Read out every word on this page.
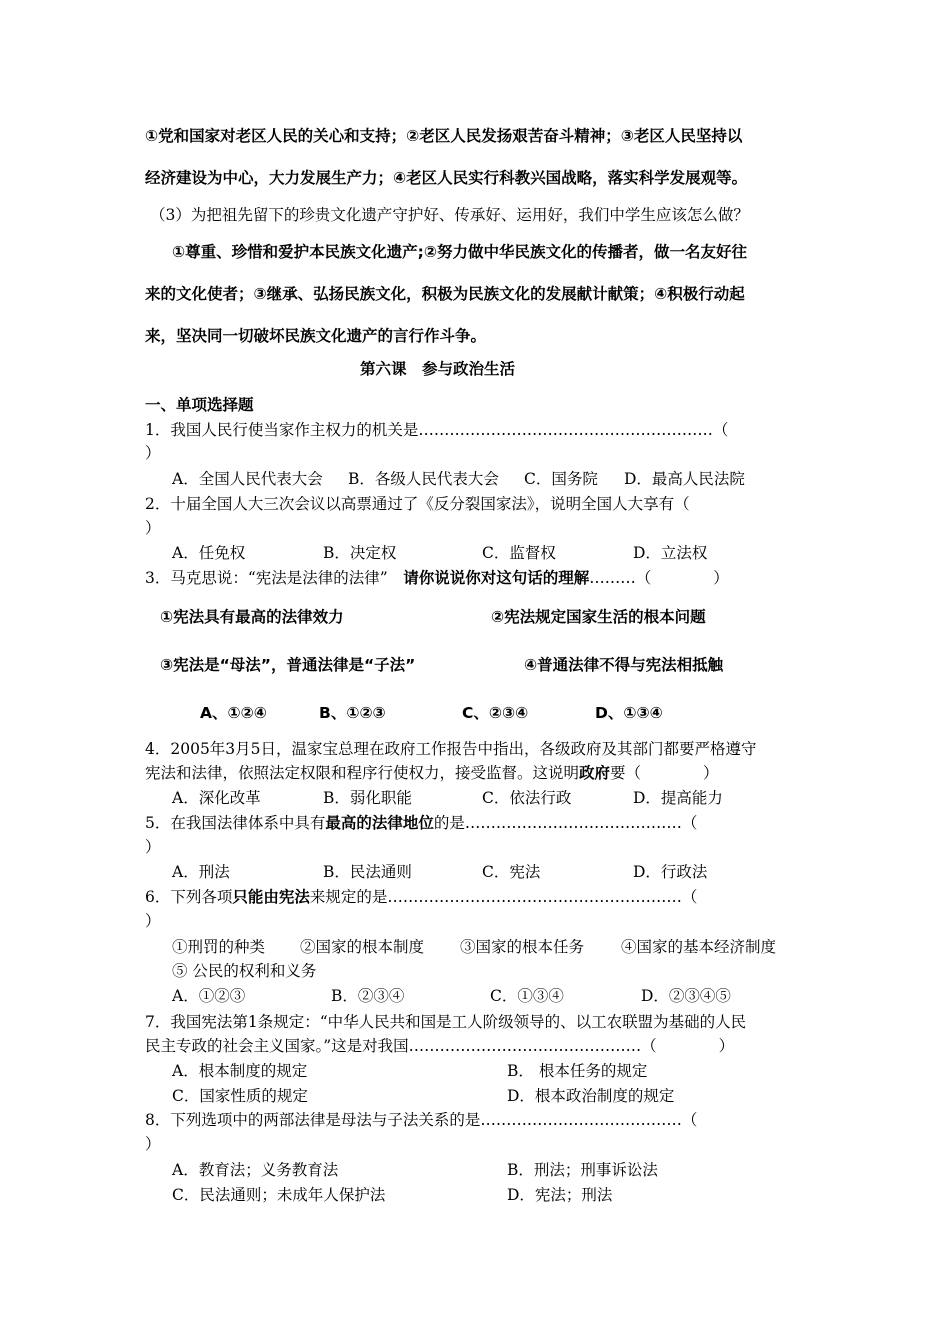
①党和国家对老区人民的关心和支持；②老区人民发扬艰苦奋斗精神；③老区人民坚持以
经济建设为中心，大力发展生产力；④老区人民实行科教兴国战略，落实科学发展观等。
（3）为把祖先留下的珍贵文化遗产守护好、传承好、运用好，我们中学生应该怎么做？
①尊重、珍惜和爱护本民族文化遗产;②努力做中华民族文化的传播者，做一名友好往
来的文化使者；③继承、弘扬民族文化，积极为民族文化的发展献计献策；④积极行动起
来，坚决同一切破坏民族文化遗产的言行作斗争。
第六课　参与政治生活
一、单项选择题
1．我国人民行使当家作主权力的机关是…………………………………………………（
）
A．全国人民代表大会 B．各级人民代表大会 C．国务院 D．最高人民法院
2．十届全国人大三次会议以高票通过了《反分裂国家法》，说明全国人大享有（
）
A．任免权	B．决定权	C．监督权	D．立法权
3．马克思说：“宪法是法律的法律”　请你说说你对这句话的理解………（　　　　）
①宪法具有最高的法律效力	②宪法规定国家生活的根本问题
③宪法是“母法”，普通法律是“子法”	④普通法律不得与宪法相抵触
A、①②④	B、①②③	C、②③④	D、①③④
4．2005年3月5日，温家宝总理在政府工作报告中指出，各级政府及其部门都要严格遵守
宪法和法律，依照法定权限和程序行使权力，接受监督。这说明政府要（　　　　）
A．深化改革	B．弱化职能	C．依法行政	D．提高能力
5．在我国法律体系中具有最高的法律地位的是……………………………………（
）
A．刑法	B．民法通则	C．宪法	D．行政法
6．下列各项只能由宪法来规定的是…………………………………………………（
）
①刑罚的种类 ②国家的根本制度 ③国家的根本任务 ④国家的基本经济制度
⑤ 公民的权利和义务
A．①②③	B．②③④	C．①③④	D．②③④⑤
7．我国宪法第1条规定：“中华人民共和国是工人阶级领导的、以工农联盟为基础的人民
民主专政的社会主义国家。”这是对我国………………………………………（　　　　）
A．根本制度的规定	B． 根本任务的规定
C．国家性质的规定	D．根本政治制度的规定
8．下列选项中的两部法律是母法与子法关系的是…………………………………（
）
A．教育法；义务教育法	B．刑法；刑事诉讼法
C．民法通则；未成年人保护法	D．宪法；刑法
